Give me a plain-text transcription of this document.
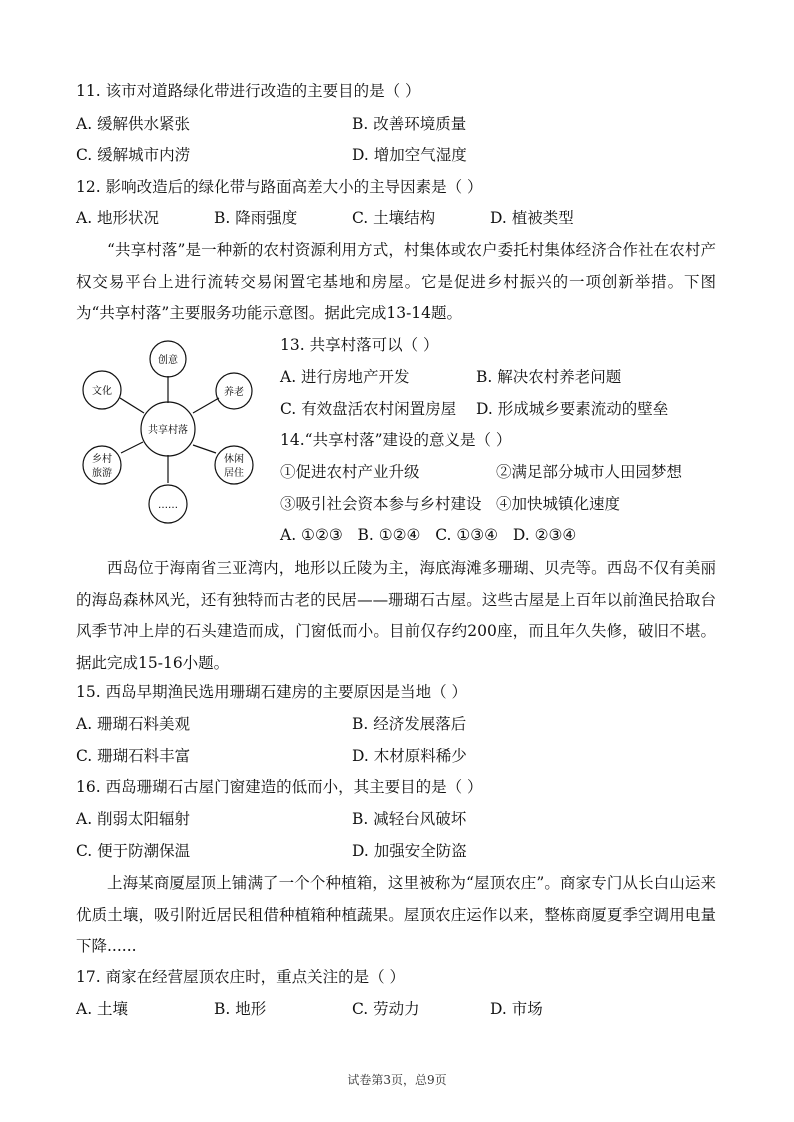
11. 该市对道路绿化带进行改造的主要目的是（ ）
A. 缓解供水紧张	B. 改善环境质量
C. 缓解城市内涝	D. 增加空气湿度
12. 影响改造后的绿化带与路面高差大小的主导因素是（ ）
A. 地形状况	B. 降雨强度	C. 土壤结构	D. 植被类型
“共享村落”是一种新的农村资源利用方式，村集体或农户委托村集体经济合作社在农村产权交易平台上进行流转交易闲置宅基地和房屋。它是促进乡村振兴的一项创新举措。下图为“共享村落”主要服务功能示意图。据此完成13-14题。
共享村落
创意
养老
休闲居住
……
乡村旅游
文化
13. 共享村落可以（ ）
A. 进行房地产开发	B. 解决农村养老问题
C. 有效盘活农村闲置房屋 D. 形成城乡要素流动的壁垒
14.“共享村落”建设的意义是（ ）
①促进农村产业升级	②满足部分城市人田园梦想
③吸引社会资本参与乡村建设 ④加快城镇化速度
A. ①②③   B. ①②④   C. ①③④   D. ②③④
西岛位于海南省三亚湾内，地形以丘陵为主，海底海滩多珊瑚、贝壳等。西岛不仅有美丽的海岛森林风光，还有独特而古老的民居——珊瑚石古屋。这些古屋是上百年以前渔民拾取台风季节冲上岸的石头建造而成，门窗低而小。目前仅存约200座，而且年久失修，破旧不堪。据此完成15-16小题。
15. 西岛早期渔民选用珊瑚石建房的主要原因是当地（ ）
A. 珊瑚石料美观	B. 经济发展落后
C. 珊瑚石料丰富	D. 木材原料稀少
16. 西岛珊瑚石古屋门窗建造的低而小，其主要目的是（ ）
A. 削弱太阳辐射	B. 减轻台风破坏
C. 便于防潮保温	D. 加强安全防盗
上海某商厦屋顶上铺满了一个个种植箱，这里被称为“屋顶农庄”。商家专门从长白山运来优质土壤，吸引附近居民租借种植箱种植蔬果。屋顶农庄运作以来，整栋商厦夏季空调用电量下降......
17. 商家在经营屋顶农庄时，重点关注的是（ ）
A. 土壤	B. 地形	C. 劳动力	D. 市场
试卷第3页，总9页
